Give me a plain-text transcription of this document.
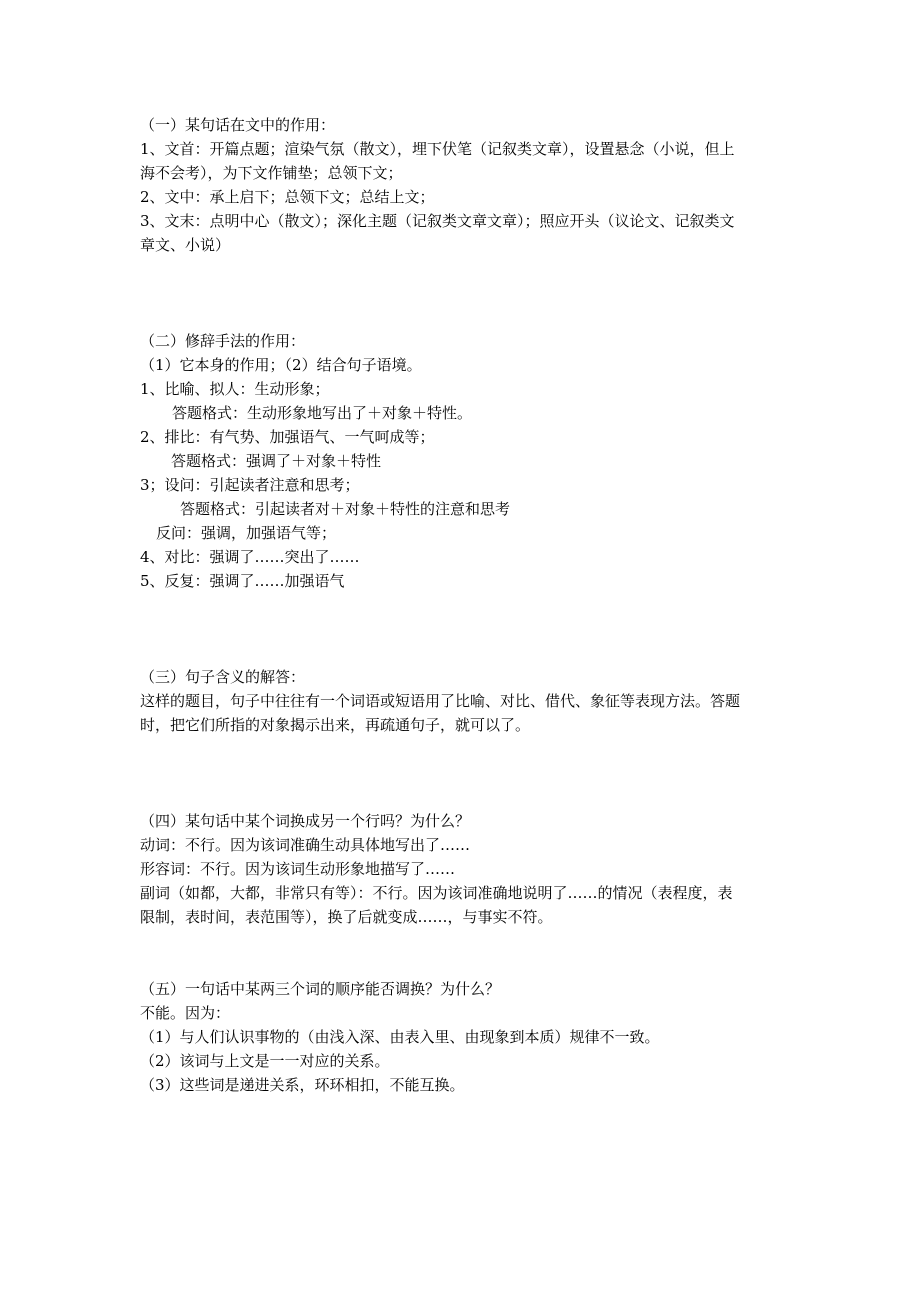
（一）某句话在文中的作用：
1、文首：开篇点题；渲染气氛（散文），埋下伏笔（记叙类文章），设置悬念（小说，但上
海不会考），为下文作铺垫；总领下文；
2、文中：承上启下；总领下文；总结上文；
3、文末：点明中心（散文）；深化主题（记叙类文章文章）；照应开头（议论文、记叙类文
章文、小说）
（二）修辞手法的作用：
（1）它本身的作用；（2）结合句子语境。
1、比喻、拟人：生动形象；
答题格式：生动形象地写出了＋对象＋特性。
2、排比：有气势、加强语气、一气呵成等；
答题格式：强调了＋对象＋特性
3；设问：引起读者注意和思考；
答题格式：引起读者对＋对象＋特性的注意和思考
反问：强调，加强语气等；
4、对比：强调了……突出了……
5、反复：强调了……加强语气
（三）句子含义的解答：
这样的题目，句子中往往有一个词语或短语用了比喻、对比、借代、象征等表现方法。答题
时，把它们所指的对象揭示出来，再疏通句子，就可以了。
（四）某句话中某个词换成另一个行吗？为什么？
动词：不行。因为该词准确生动具体地写出了……
形容词：不行。因为该词生动形象地描写了……
副词（如都，大都，非常只有等）：不行。因为该词准确地说明了……的情况（表程度，表
限制，表时间，表范围等），换了后就变成……，与事实不符。
（五）一句话中某两三个词的顺序能否调换？为什么？
不能。因为：
（1）与人们认识事物的（由浅入深、由表入里、由现象到本质）规律不一致。
（2）该词与上文是一一对应的关系。
（3）这些词是递进关系，环环相扣，不能互换。
